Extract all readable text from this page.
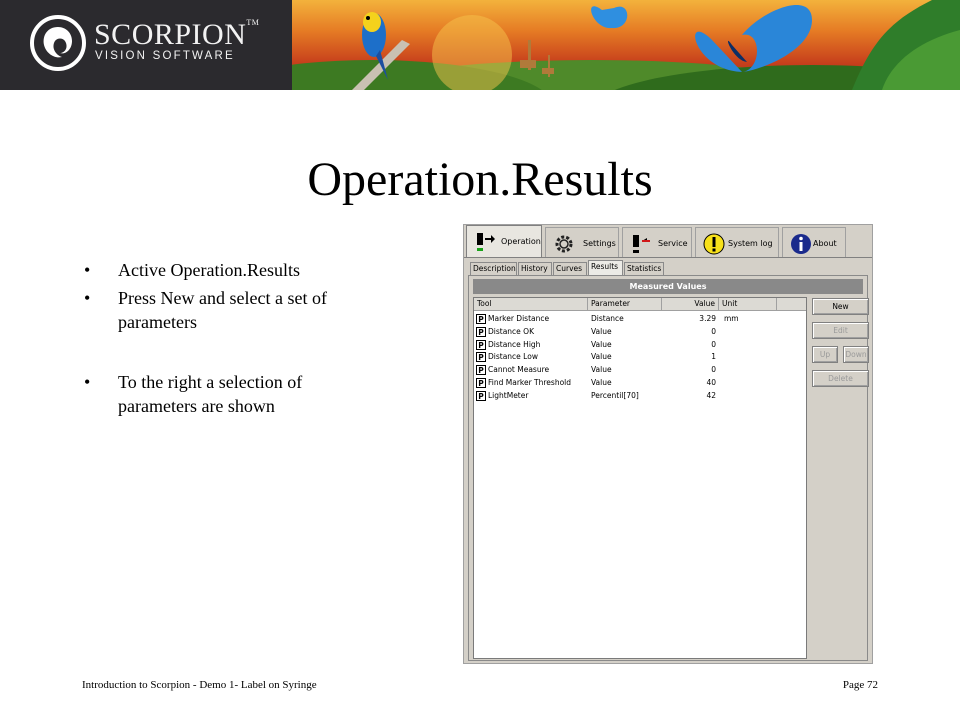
SCORPION™
VISION SOFTWARE
Operation.Results
• Active Operation.Results
• Press New and select a set of parameters
• To the right a selection of parameters are shown
Operation	Settings	Service	System log	About
Description History	Curves	Results	Statistics
Measured Values
Tool	Parameter	Value Unit
P Marker Distance	Distance	3.29 mm
P Distance OK	Value	0
P Distance High	Value	0
P Distance Low	Value	1
P Cannot Measure	Value	0
P Find Marker Threshold	Value	40
P LightMeter	Percentil[70]	42
New
Edit
Up	Down
Delete
Introduction to Scorpion - Demo 1- Label on Syringe	Page 72
